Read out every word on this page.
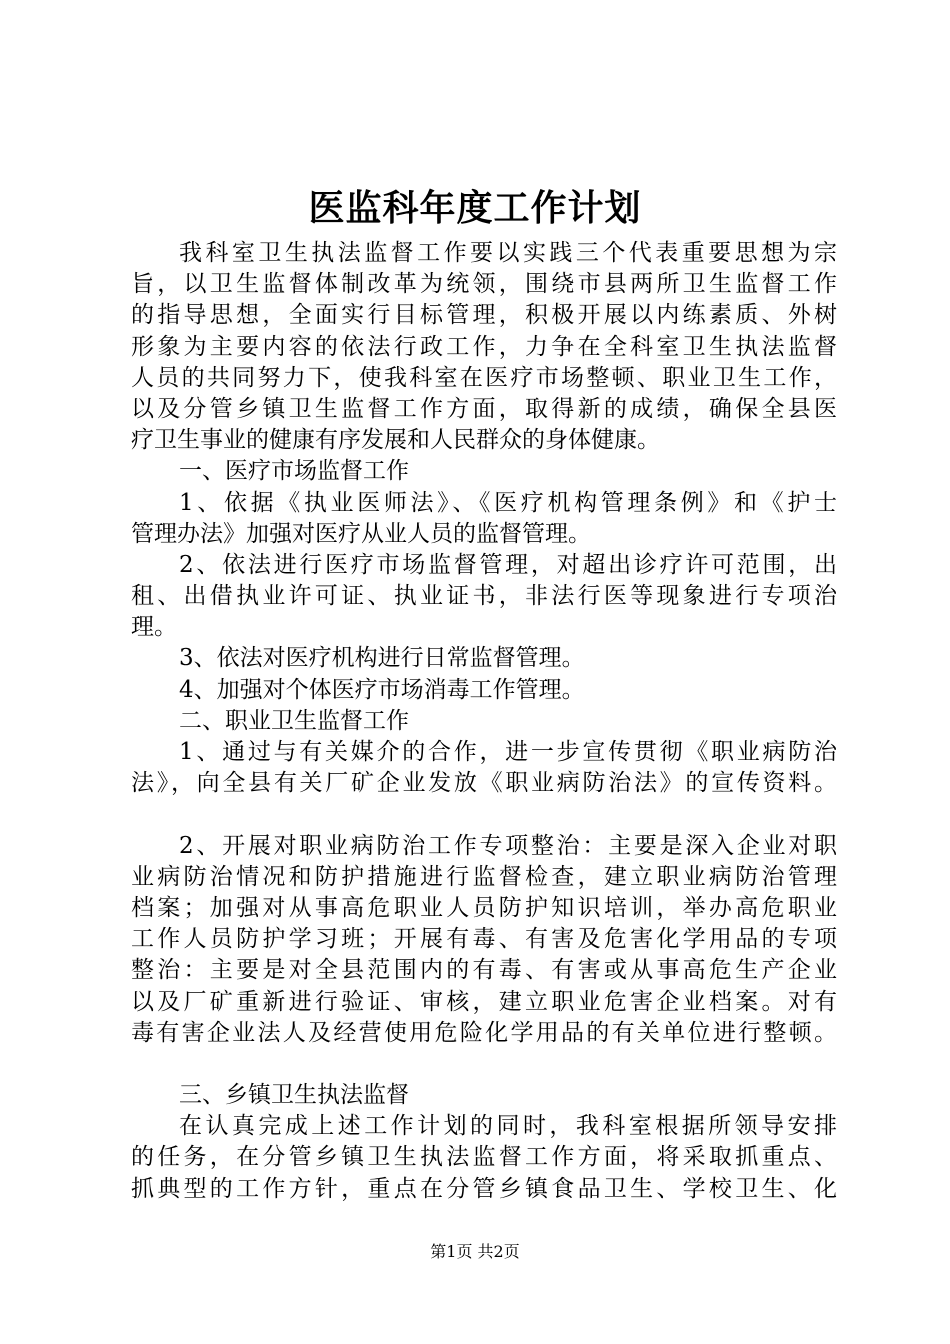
医监科年度工作计划
我科室卫生执法监督工作要以实践三个代表重要思想为宗
旨，以卫生监督体制改革为统领，围绕市县两所卫生监督工作
的指导思想，全面实行目标管理，积极开展以内练素质、外树
形象为主要内容的依法行政工作，力争在全科室卫生执法监督
人员的共同努力下，使我科室在医疗市场整顿、职业卫生工作，
以及分管乡镇卫生监督工作方面，取得新的成绩，确保全县医
疗卫生事业的健康有序发展和人民群众的身体健康。
一、医疗市场监督工作
1、依据《执业医师法》、《医疗机构管理条例》和《护士
管理办法》加强对医疗从业人员的监督管理。
2、依法进行医疗市场监督管理，对超出诊疗许可范围，出
租、出借执业许可证、执业证书，非法行医等现象进行专项治
理。
3、依法对医疗机构进行日常监督管理。
4、加强对个体医疗市场消毒工作管理。
二、职业卫生监督工作
1、通过与有关媒介的合作，进一步宣传贯彻《职业病防治
法》，向全县有关厂矿企业发放《职业病防治法》的宣传资料。
2、开展对职业病防治工作专项整治：主要是深入企业对职
业病防治情况和防护措施进行监督检查，建立职业病防治管理
档案；加强对从事高危职业人员防护知识培训，举办高危职业
工作人员防护学习班；开展有毒、有害及危害化学用品的专项
整治：主要是对全县范围内的有毒、有害或从事高危生产企业
以及厂矿重新进行验证、审核，建立职业危害企业档案。对有
毒有害企业法人及经营使用危险化学用品的有关单位进行整顿。
三、乡镇卫生执法监督
在认真完成上述工作计划的同时，我科室根据所领导安排
的任务，在分管乡镇卫生执法监督工作方面，将采取抓重点、
抓典型的工作方针，重点在分管乡镇食品卫生、学校卫生、化
第1页 共2页
